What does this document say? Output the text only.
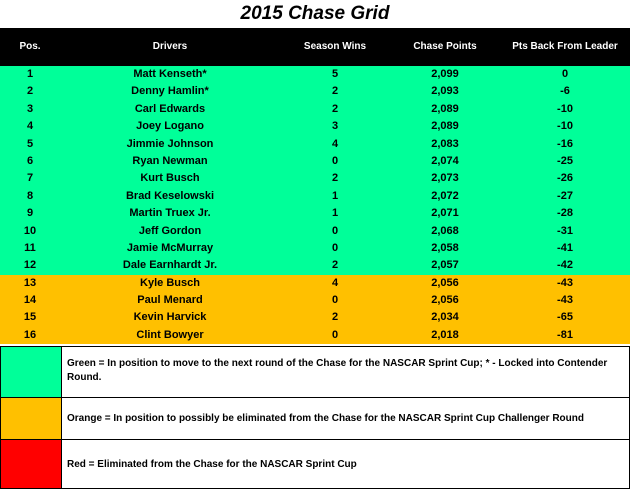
2015 Chase Grid
Pos.	Drivers	Season Wins	Chase Points	Pts Back From Leader
1	Matt Kenseth*	5	2,099	0
2	Denny Hamlin*	2	2,093	-6
3	Carl Edwards	2	2,089	-10
4	Joey Logano	3	2,089	-10
5	Jimmie Johnson	4	2,083	-16
6	Ryan Newman	0	2,074	-25
7	Kurt Busch	2	2,073	-26
8	Brad Keselowski	1	2,072	-27
9	Martin Truex Jr.	1	2,071	-28
10	Jeff Gordon	0	2,068	-31
11	Jamie McMurray	0	2,058	-41
12	Dale Earnhardt Jr.	2	2,057	-42
13	Kyle Busch	4	2,056	-43
14	Paul Menard	0	2,056	-43
15	Kevin Harvick	2	2,034	-65
16	Clint Bowyer	0	2,018	-81
Green = In position to move to the next round of the Chase for the NASCAR Sprint Cup; * - Locked into Contender Round.
Orange = In position to possibly be eliminated from the Chase for the NASCAR Sprint Cup Challenger Round
Red = Eliminated from the Chase for the NASCAR Sprint Cup
